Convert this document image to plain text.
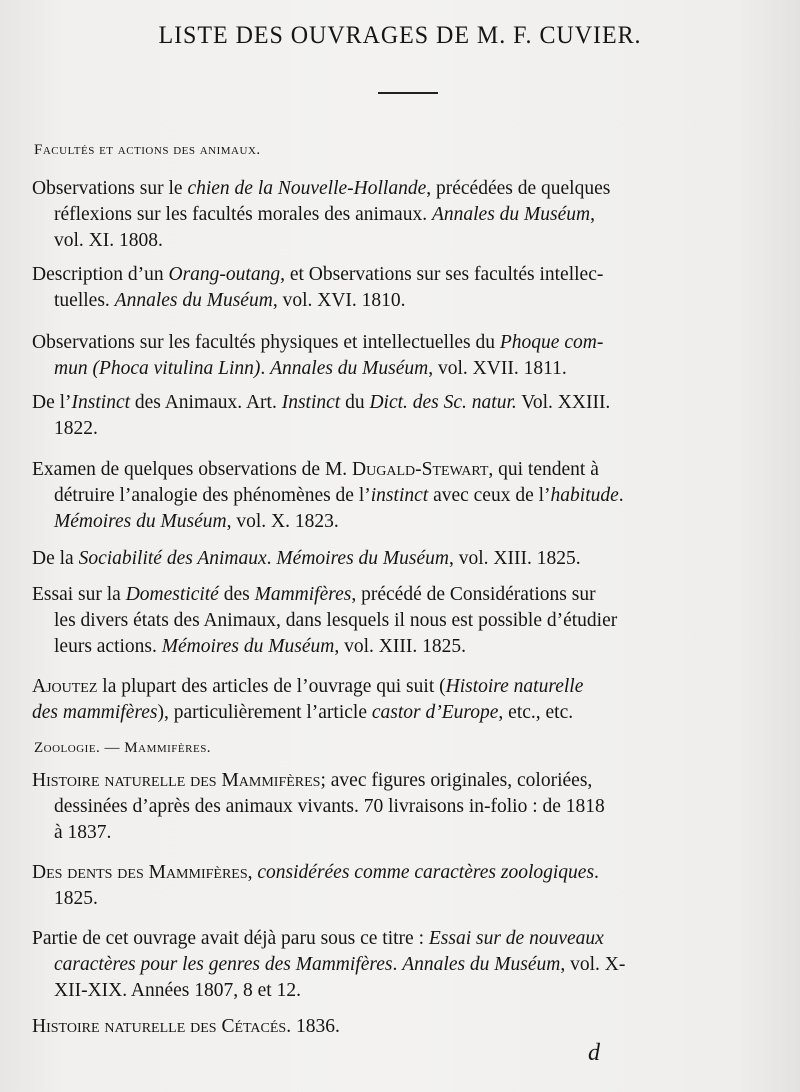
LISTE DES OUVRAGES DE M. F. CUVIER.
Facultés et actions des animaux.
Observations sur le chien de la Nouvelle-Hollande, précédées de quelques
réflexions sur les facultés morales des animaux. Annales du Muséum,
vol. XI. 1808.
Description d’un Orang-outang, et Observations sur ses facultés intellec-
tuelles. Annales du Muséum, vol. XVI. 1810.
Observations sur les facultés physiques et intellectuelles du Phoque com-
mun (Phoca vitulina Linn). Annales du Muséum, vol. XVII. 1811.
De l’Instinct des Animaux. Art. Instinct du Dict. des Sc. natur. Vol. XXIII.
1822.
Examen de quelques observations de M. Dugald-Stewart, qui tendent à
détruire l’analogie des phénomènes de l’instinct avec ceux de l’habitude.
Mémoires du Muséum, vol. X. 1823.
De la Sociabilité des Animaux. Mémoires du Muséum, vol. XIII. 1825.
Essai sur la Domesticité des Mammifères, précédé de Considérations sur
les divers états des Animaux, dans lesquels il nous est possible d’étudier
leurs actions. Mémoires du Muséum, vol. XIII. 1825.
Ajoutez la plupart des articles de l’ouvrage qui suit (Histoire naturelle
des mammifères), particulièrement l’article castor d’Europe, etc., etc.
Zoologie. — Mammifères.
Histoire naturelle des Mammifères; avec figures originales, coloriées,
dessinées d’après des animaux vivants. 70 livraisons in-folio : de 1818
à 1837.
Des dents des Mammifères, considérées comme caractères zoologiques.
1825.
Partie de cet ouvrage avait déjà paru sous ce titre : Essai sur de nouveaux
caractères pour les genres des Mammifères. Annales du Muséum, vol. X-
XII-XIX. Années 1807, 8 et 12.
Histoire naturelle des Cétacés. 1836.
d
